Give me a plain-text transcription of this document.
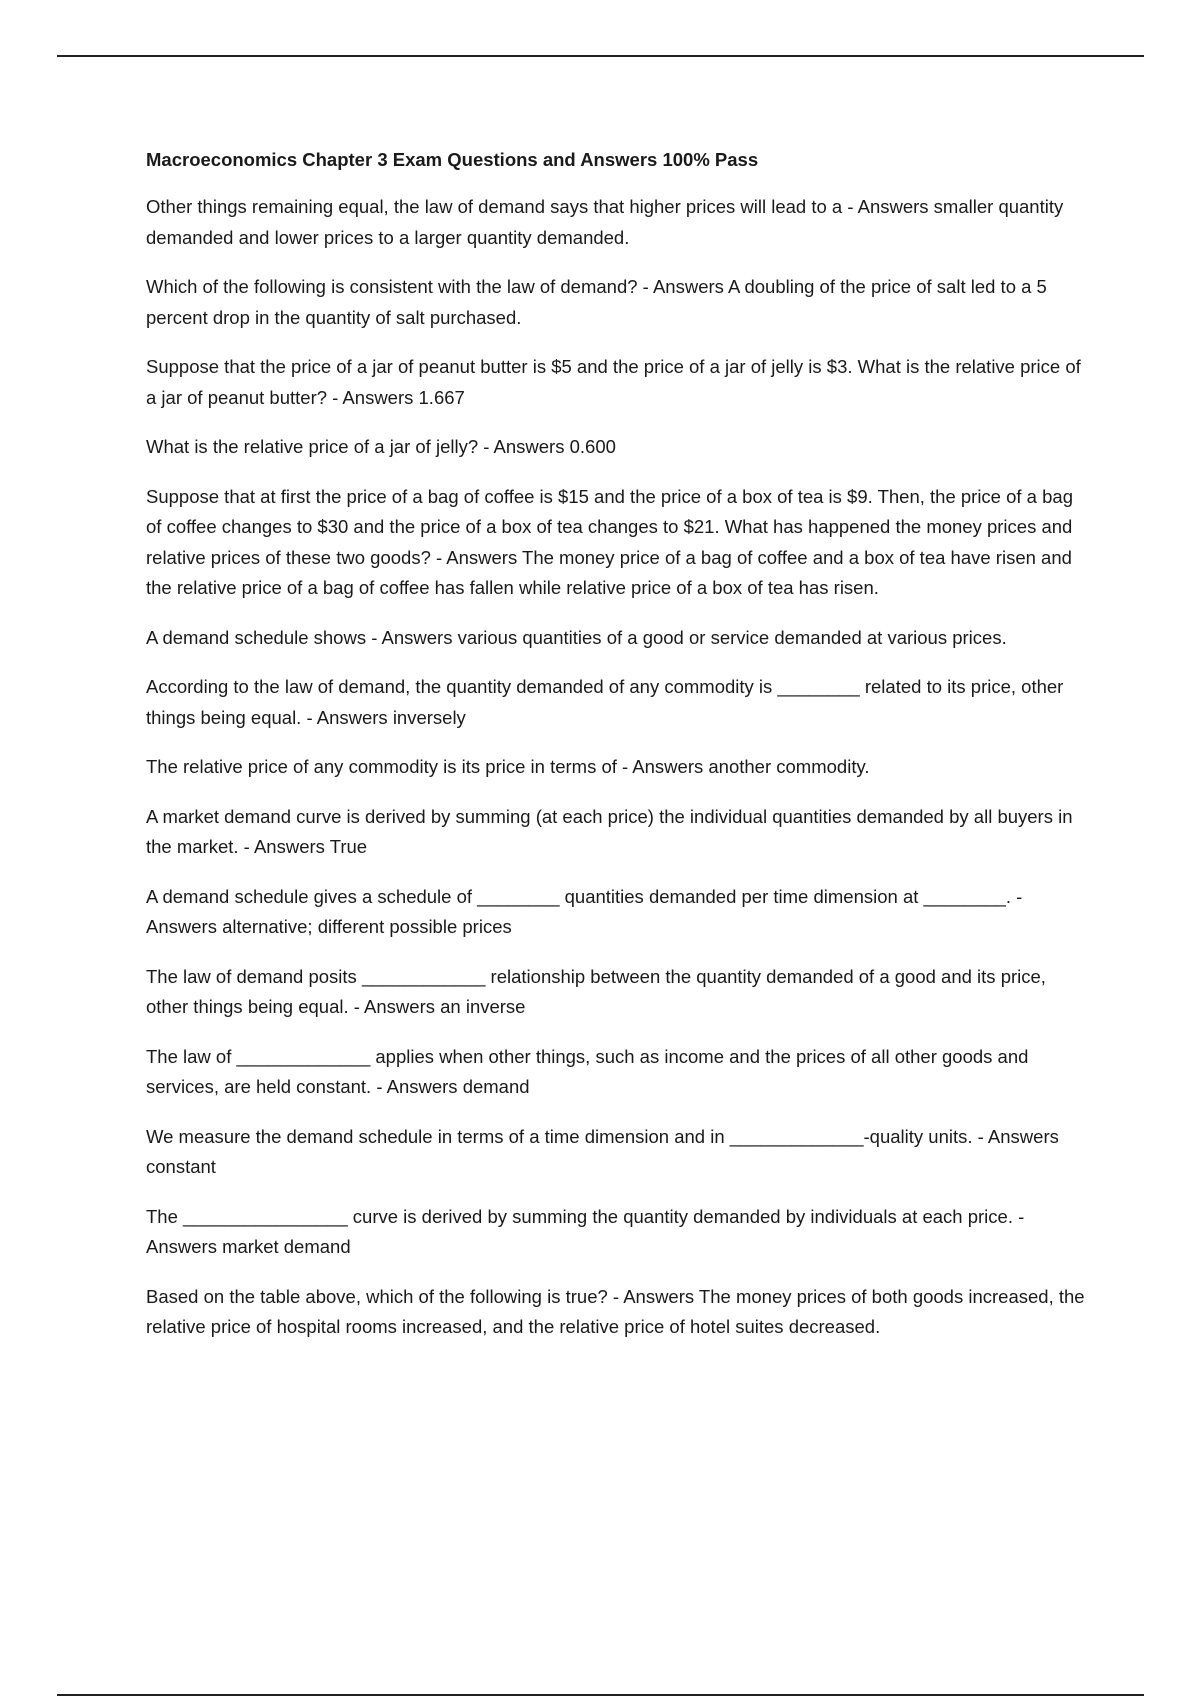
Macroeconomics Chapter 3 Exam Questions and Answers 100% Pass

Other things remaining equal, the law of demand says that higher prices will lead to a - Answers smaller quantity demanded and lower prices to a larger quantity demanded.

Which of the following is consistent with the law of demand? - Answers A doubling of the price of salt led to a 5 percent drop in the quantity of salt purchased.

Suppose that the price of a jar of peanut butter is $5 and the price of a jar of jelly is $3. What is the relative price of a jar of peanut butter? - Answers 1.667

What is the relative price of a jar of jelly? - Answers 0.600

Suppose that at first the price of a bag of coffee is $15 and the price of a box of tea is $9. Then, the price of a bag of coffee changes to $30 and the price of a box of tea changes to $21. What has happened the money prices and relative prices of these two goods? - Answers The money price of a bag of coffee and a box of tea have risen and the relative price of a bag of coffee has fallen while relative price of a box of tea has risen.

A demand schedule shows - Answers various quantities of a good or service demanded at various prices.

According to the law of demand, the quantity demanded of any commodity is ________ related to its price, other things being equal. - Answers inversely

The relative price of any commodity is its price in terms of - Answers another commodity.

A market demand curve is derived by summing (at each price) the individual quantities demanded by all buyers in the market. - Answers True

A demand schedule gives a schedule of ________ quantities demanded per time dimension at ________. - Answers alternative; different possible prices

The law of demand posits ____________ relationship between the quantity demanded of a good and its price, other things being equal. - Answers an inverse

The law of _____________ applies when other things, such as income and the prices of all other goods and services, are held constant. - Answers demand

We measure the demand schedule in terms of a time dimension and in _____________-quality units. - Answers constant

The ________________ curve is derived by summing the quantity demanded by individuals at each price. - Answers market demand

Based on the table above, which of the following is true? - Answers The money prices of both goods increased, the relative price of hospital rooms increased, and the relative price of hotel suites decreased.
